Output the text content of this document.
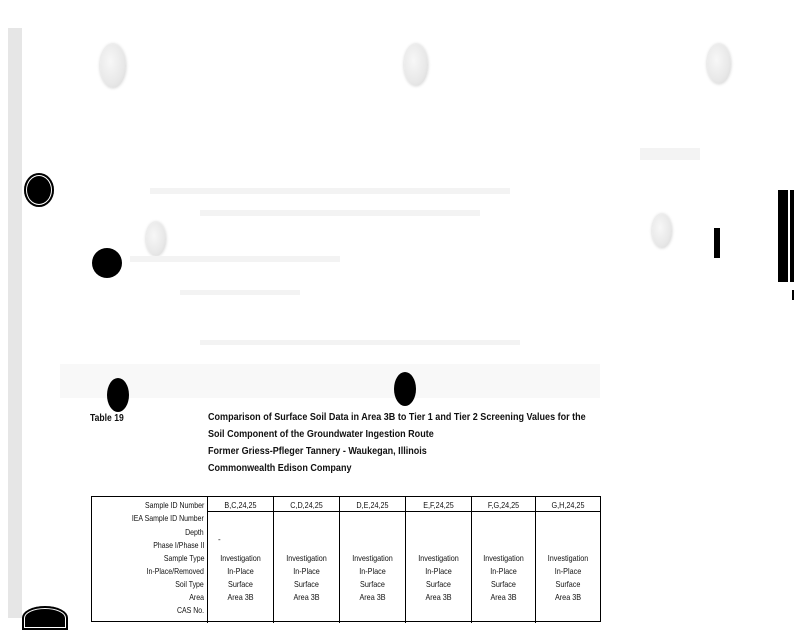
Table 19	Comparison of Surface Soil Data in Area 3B to Tier 1 and Tier 2 Screening Values for the
Soil Component of the Groundwater Ingestion Route
Former Griess-Pfleger Tannery - Waukegan, Illinois
Commonwealth Edison Company
Sample ID Number
IEA Sample ID Number
Depth
Phase I/Phase II
Sample Type
In-Place/Removed
Soil Type
Area
CAS No.
B,C,24,25
-
Investigation
In-Place
Surface
Area 3B
C,D,24,25
Investigation
In-Place
Surface
Area 3B
D,E,24,25
Investigation
In-Place
Surface
Area 3B
E,F,24,25
Investigation
In-Place
Surface
Area 3B
F,G,24,25
Investigation
In-Place
Surface
Area 3B
G,H,24,25
Investigation
In-Place
Surface
Area 3B
